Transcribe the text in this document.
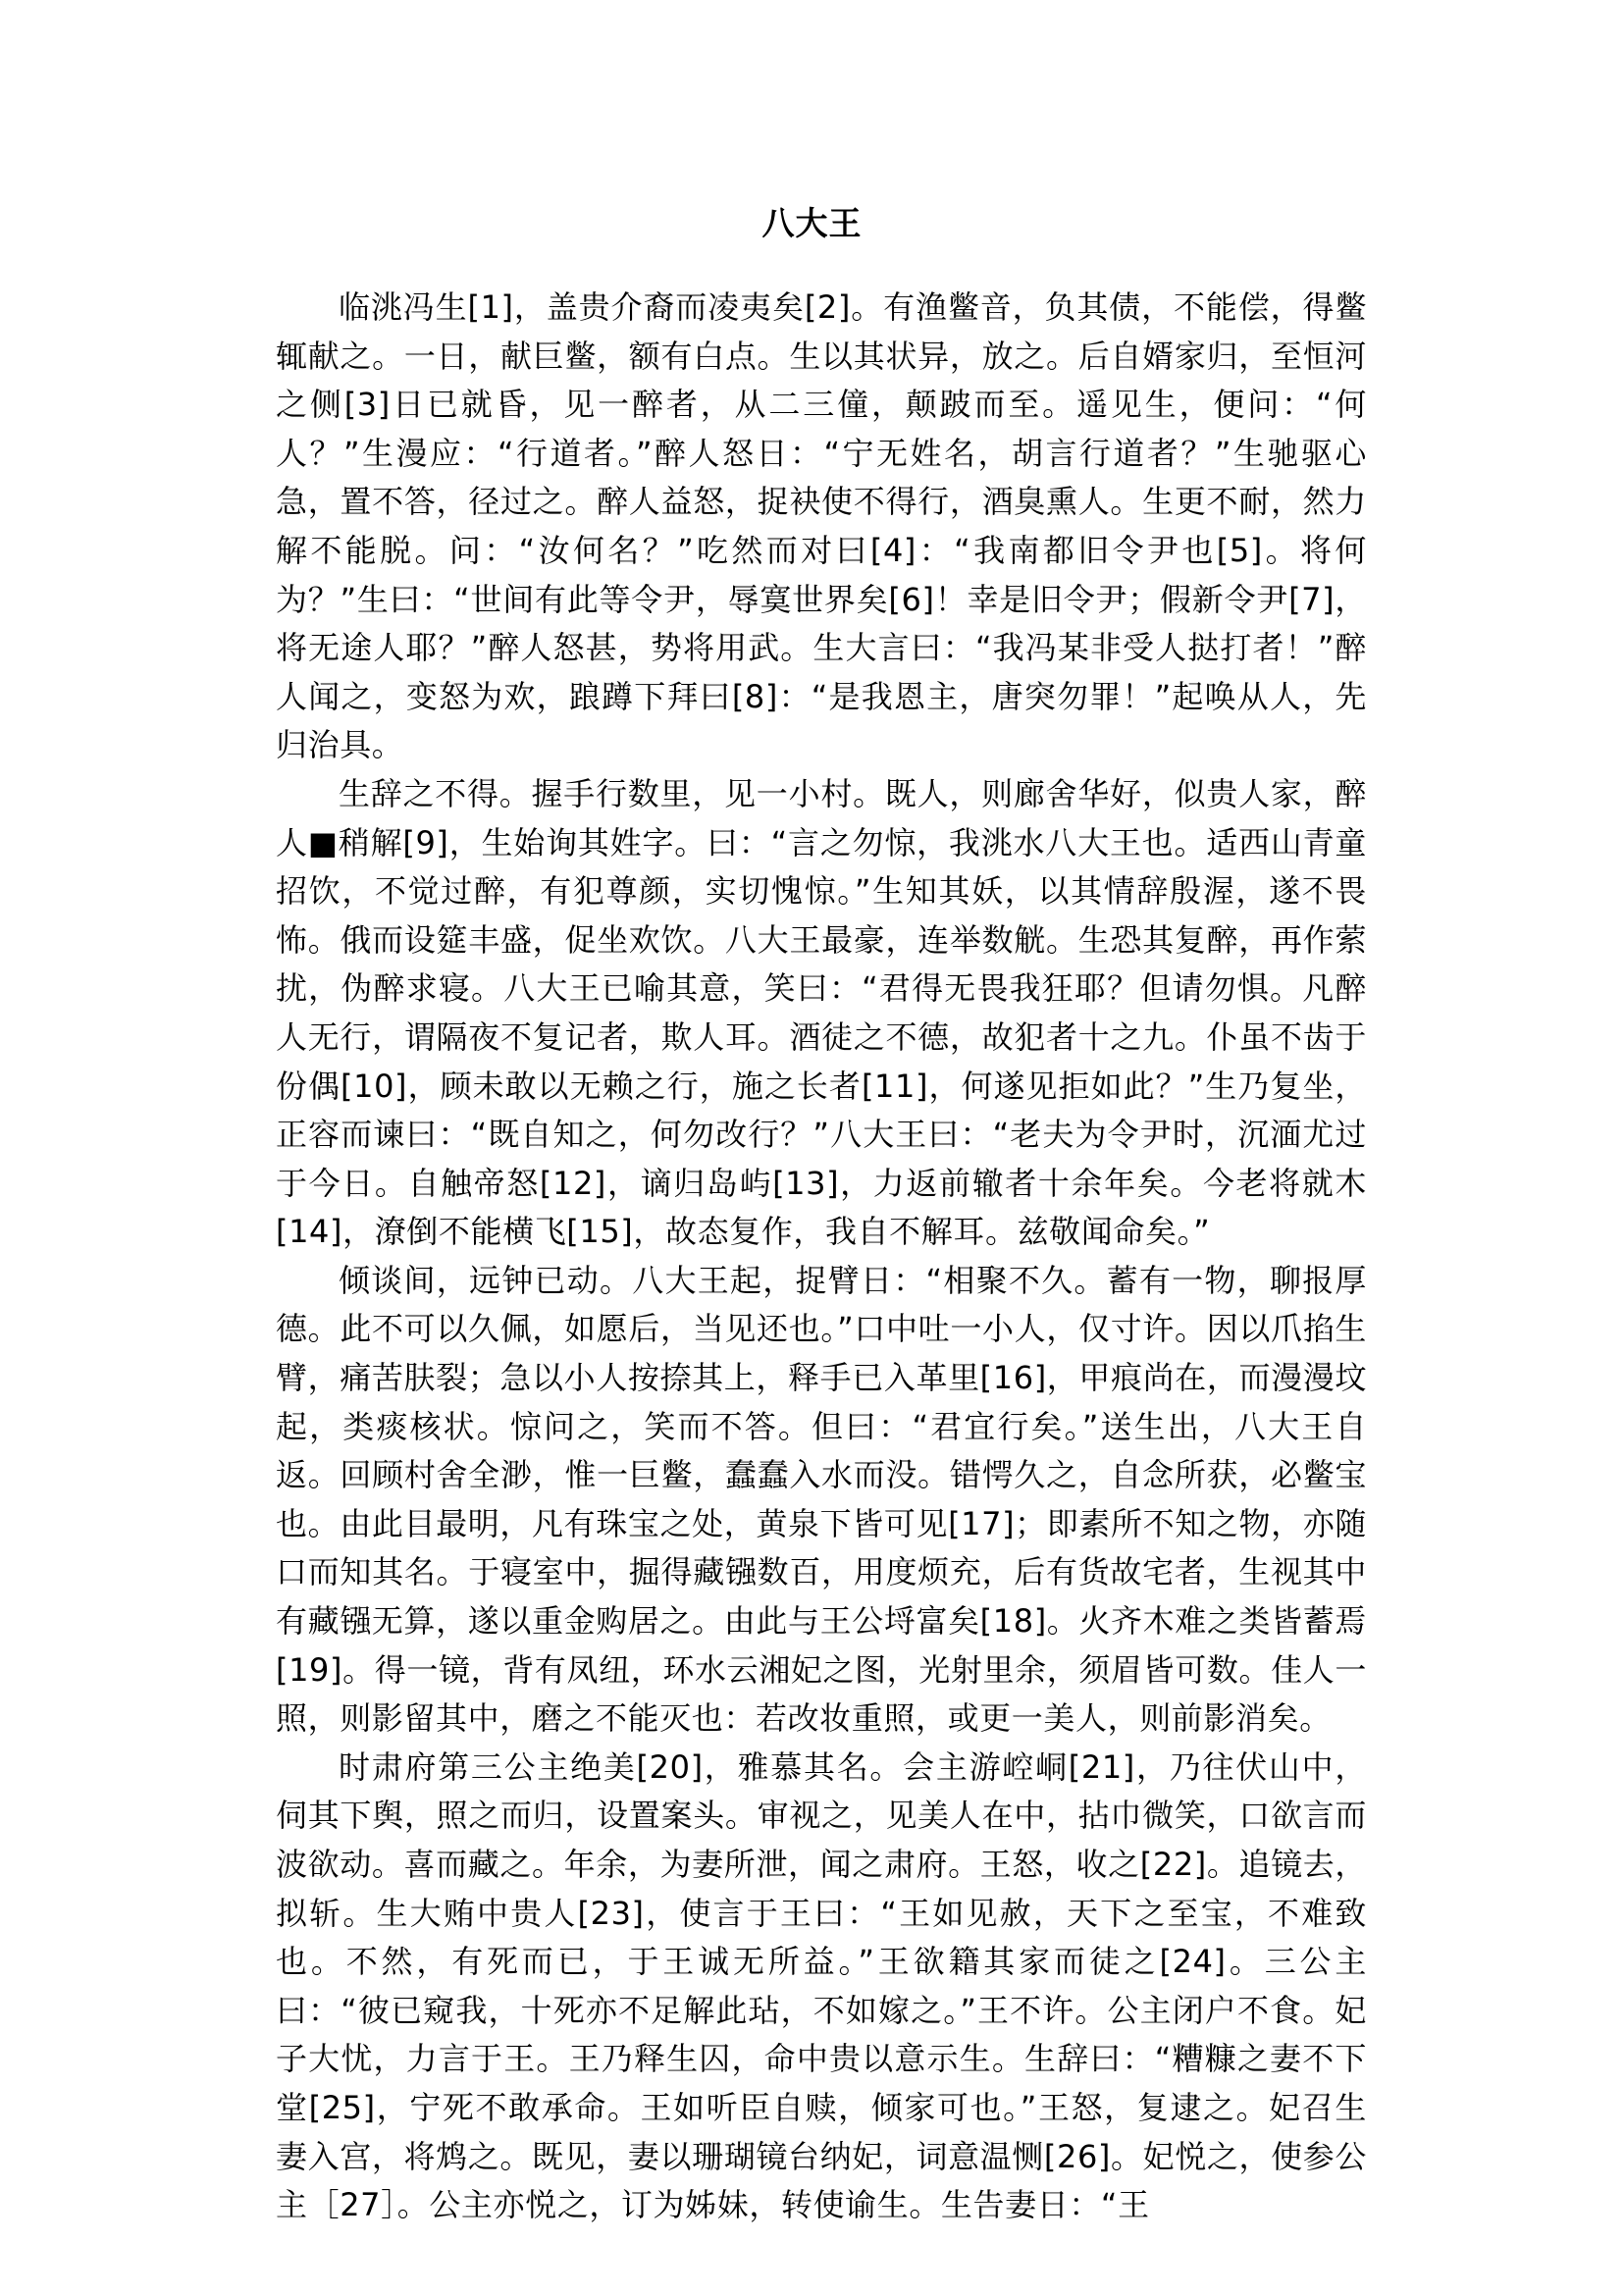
八大王

临洮冯生[1]，盖贵介裔而凌夷矣[2]。有渔鳖音，负其债，不能偿，得鳖辄献之。一日，献巨鳖，额有白点。生以其状异，放之。后自婿家归，至恒河之侧[3]日已就昏，见一醉者，从二三僮，颠跛而至。遥见生，便问：“何人？”生漫应：“行道者。”醉人怒日：“宁无姓名，胡言行道者？”生驰驱心急，置不答，径过之。醉人益怒，捉袂使不得行，酒臭熏人。生更不耐，然力解不能脱。问：“汝何名？”吃然而对曰[4]：“我南都旧令尹也[5]。将何为？”生曰：“世间有此等令尹，辱寞世界矣[6]！幸是旧令尹；假新令尹[7]，将无途人耶？”醉人怒甚，势将用武。生大言曰：“我冯某非受人挞打者！”醉人闻之，变怒为欢，踉蹲下拜曰[8]：“是我恩主，唐突勿罪！”起唤从人，先归治具。

生辞之不得。握手行数里，见一小村。既人，则廊舍华好，似贵人家，醉人■稍解[9]，生始询其姓字。曰：“言之勿惊，我洮水八大王也。适西山青童招饮，不觉过醉，有犯尊颜，实切愧惊。”生知其妖，以其情辞殷渥，遂不畏怖。俄而设筵丰盛，促坐欢饮。八大王最豪，连举数觥。生恐其复醉，再作萦扰，伪醉求寝。八大王已喻其意，笑曰：“君得无畏我狂耶？但请勿惧。凡醉人无行，谓隔夜不复记者，欺人耳。酒徒之不德，故犯者十之九。仆虽不齿于份偶[10]，顾未敢以无赖之行，施之长者[11]，何遂见拒如此？”生乃复坐，正容而谏曰：“既自知之，何勿改行？”八大王曰：“老夫为令尹时，沉湎尤过于今日。自触帝怒[12]，谪归岛屿[13]，力返前辙者十余年矣。今老将就木[14]，潦倒不能横飞[15]，故态复作，我自不解耳。兹敬闻命矣。”

倾谈间，远钟已动。八大王起，捉臂日：“相聚不久。蓄有一物，聊报厚德。此不可以久佩，如愿后，当见还也。”口中吐一小人，仅寸许。因以爪掐生臂，痛苦肤裂；急以小人按捺其上，释手已入革里[16]，甲痕尚在，而漫漫坟起，类痰核状。惊问之，笑而不答。但曰：“君宜行矣。”送生出，八大王自返。回顾村舍全渺，惟一巨鳖，蠢蠢入水而没。错愕久之，自念所获，必鳖宝也。由此目最明，凡有珠宝之处，黄泉下皆可见[17]；即素所不知之物，亦随口而知其名。于寝室中，掘得藏镪数百，用度烦充，后有货故宅者，生视其中有藏镪无算，遂以重金购居之。由此与王公埒富矣[18]。火齐木难之类皆蓄焉[19]。得一镜，背有凤纽，环水云湘妃之图，光射里余，须眉皆可数。佳人一照，则影留其中，磨之不能灭也：若改妆重照，或更一美人，则前影消矣。

时肃府第三公主绝美[20]，雅慕其名。会主游崆峒[21]，乃往伏山中，伺其下舆，照之而归，设置案头。审视之，见美人在中，拈巾微笑，口欲言而波欲动。喜而藏之。年余，为妻所泄，闻之肃府。王怒，收之[22]。追镜去，拟斩。生大贿中贵人[23]，使言于王曰：“王如见赦，天下之至宝，不难致也。不然，有死而已，于王诚无所益。”王欲籍其家而徒之[24]。三公主曰：“彼已窥我，十死亦不足解此玷，不如嫁之。”王不许。公主闭户不食。妃子大忧，力言于王。王乃释生囚，命中贵以意示生。生辞曰：“糟糠之妻不下堂[25]，宁死不敢承命。王如听臣自赎，倾家可也。”王怒，复逮之。妃召生妻入宫，将鸩之。既见，妻以珊瑚镜台纳妃，词意温恻[26]。妃悦之，使参公主［27］。公主亦悦之，订为姊妹，转使谕生。生告妻日：“王
